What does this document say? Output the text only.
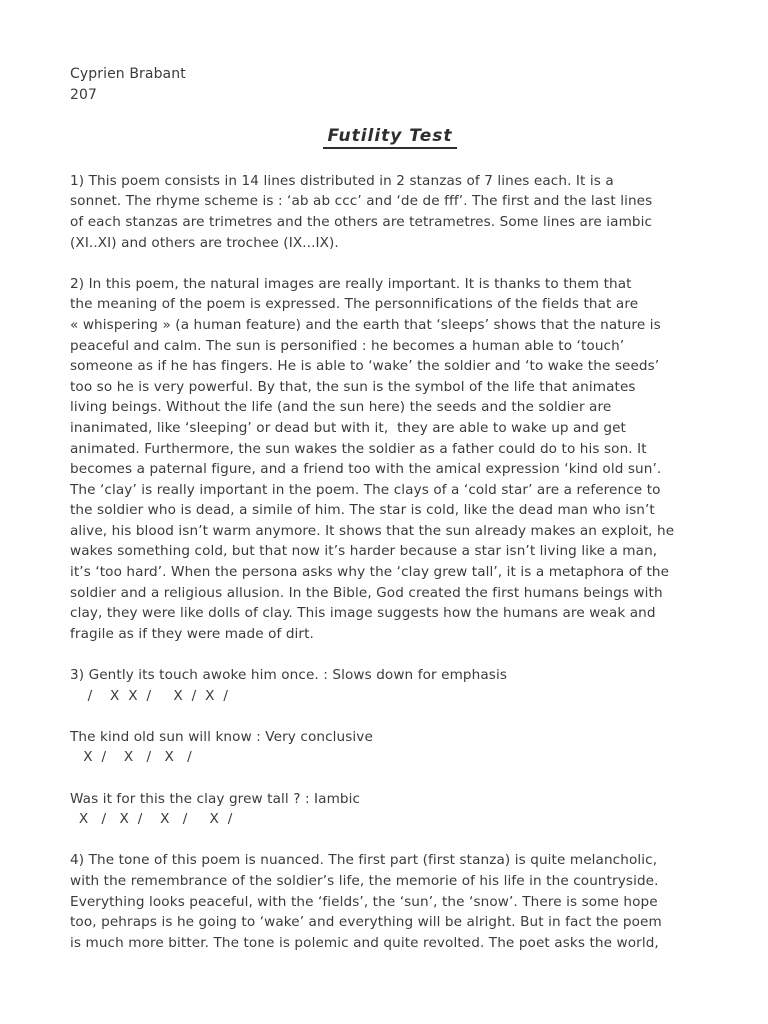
Cyprien Brabant
207
Futility Test
1) This poem consists in 14 lines distributed in 2 stanzas of 7 lines each. It is a
sonnet. The rhyme scheme is : ‘ab ab ccc’ and ‘de de fff’. The first and the last lines
of each stanzas are trimetres and the others are tetrametres. Some lines are iambic
(XI..XI) and others are trochee (IX...IX).
2) In this poem, the natural images are really important. It is thanks to them that
the meaning of the poem is expressed. The personnifications of the fields that are
« whispering » (a human feature) and the earth that ‘sleeps’ shows that the nature is
peaceful and calm. The sun is personified : he becomes a human able to ‘touch’
someone as if he has fingers. He is able to ‘wake’ the soldier and ‘to wake the seeds’
too so he is very powerful. By that, the sun is the symbol of the life that animates
living beings. Without the life (and the sun here) the seeds and the soldier are
inanimated, like ‘sleeping’ or dead but with it,  they are able to wake up and get
animated. Furthermore, the sun wakes the soldier as a father could do to his son. It
becomes a paternal figure, and a friend too with the amical expression ‘kind old sun’.
The ‘clay’ is really important in the poem. The clays of a ‘cold star’ are a reference to
the soldier who is dead, a simile of him. The star is cold, like the dead man who isn’t
alive, his blood isn’t warm anymore. It shows that the sun already makes an exploit, he
wakes something cold, but that now it’s harder because a star isn’t living like a man,
it’s ‘too hard’. When the persona asks why the ‘clay grew tall’, it is a metaphora of the
soldier and a religious allusion. In the Bible, God created the first humans beings with
clay, they were like dolls of clay. This image suggests how the humans are weak and
fragile as if they were made of dirt.
3) Gently its touch awoke him once. : Slows down for emphasis
/    X  X  /     X  /  X  /
The kind old sun will know : Very conclusive
X  /    X   /   X   /
Was it for this the clay grew tall ? : Iambic
X   /   X  /    X   /     X  /
4) The tone of this poem is nuanced. The first part (first stanza) is quite melancholic,
with the remembrance of the soldier’s life, the memorie of his life in the countryside.
Everything looks peaceful, with the ‘fields’, the ‘sun’, the ‘snow’. There is some hope
too, pehraps is he going to ‘wake’ and everything will be alright. But in fact the poem
is much more bitter. The tone is polemic and quite revolted. The poet asks the world,
